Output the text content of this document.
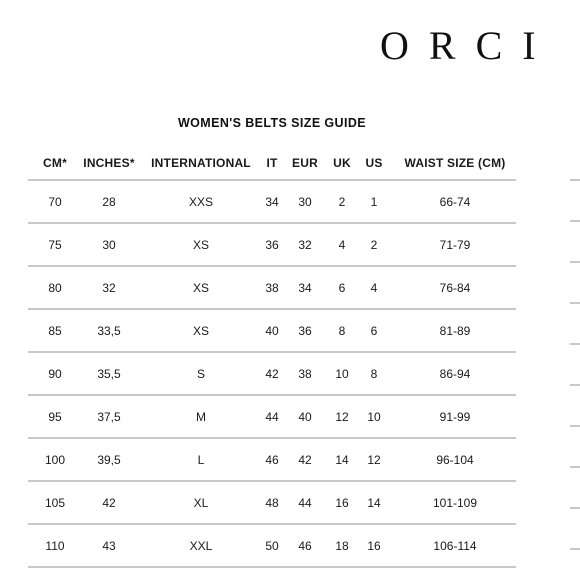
ORCI
WOMEN'S BELTS SIZE GUIDE
CM*	INCHES*	INTERNATIONAL	IT	EUR	UK	US	WAIST SIZE (CM)
70	28	XXS	34	30	2	1	66-74
75	30	XS	36	32	4	2	71-79
80	32	XS	38	34	6	4	76-84
85	33,5	XS	40	36	8	6	81-89
90	35,5	S	42	38	10	8	86-94
95	37,5	M	44	40	12	10	91-99
100	39,5	L	46	42	14	12	96-104
105	42	XL	48	44	16	14	101-109
110	43	XXL	50	46	18	16	106-114
